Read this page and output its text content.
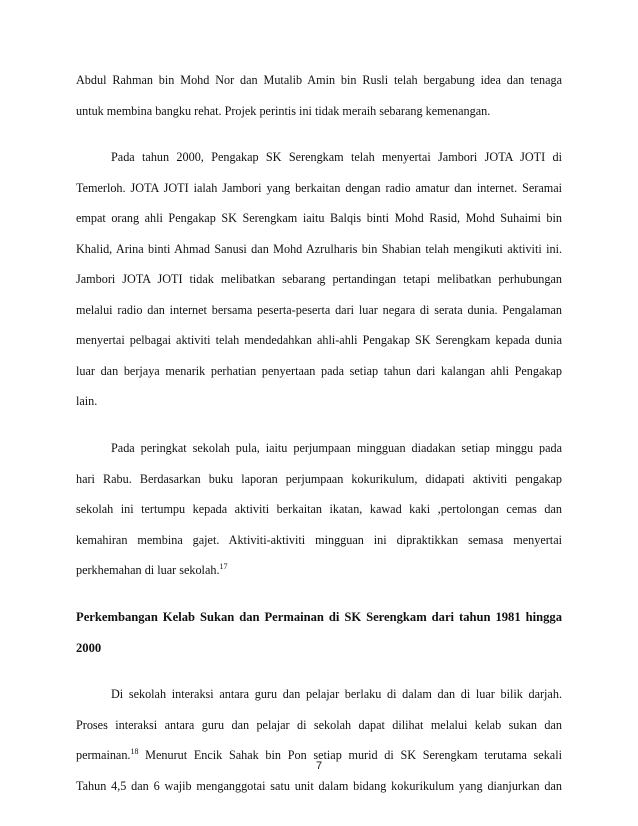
Abdul Rahman bin Mohd Nor dan Mutalib Amin bin Rusli telah bergabung idea dan tenaga
untuk membina bangku rehat. Projek perintis ini tidak meraih sebarang kemenangan.
Pada tahun 2000, Pengakap SK Serengkam telah menyertai Jambori JOTA JOTI di
Temerloh. JOTA JOTI ialah Jambori yang berkaitan dengan radio amatur dan internet. Seramai
empat orang ahli Pengakap SK Serengkam iaitu Balqis binti Mohd Rasid, Mohd Suhaimi bin
Khalid, Arina binti Ahmad Sanusi dan Mohd Azrulharis bin Shabian telah mengikuti aktiviti ini.
Jambori JOTA JOTI tidak melibatkan sebarang pertandingan tetapi melibatkan perhubungan
melalui radio dan internet bersama peserta-peserta dari luar negara di serata dunia. Pengalaman
menyertai pelbagai aktiviti telah mendedahkan ahli-ahli Pengakap SK Serengkam kepada dunia
luar dan berjaya menarik perhatian penyertaan pada setiap tahun dari kalangan ahli Pengakap
lain.
Pada peringkat sekolah pula, iaitu perjumpaan mingguan diadakan setiap minggu pada
hari Rabu. Berdasarkan buku laporan perjumpaan kokurikulum, didapati aktiviti pengakap
sekolah ini tertumpu kepada aktiviti berkaitan ikatan, kawad kaki ,pertolongan cemas dan
kemahiran membina gajet. Aktiviti-aktiviti mingguan ini dipraktikkan semasa menyertai
perkhemahan di luar sekolah.$^{17}$
Perkembangan Kelab Sukan dan Permainan di SK Serengkam dari tahun 1981 hingga
2000
Di sekolah interaksi antara guru dan pelajar berlaku di dalam dan di luar bilik darjah.
Proses interaksi antara guru dan pelajar di sekolah dapat dilihat melalui kelab sukan dan
permainan.$^{18}$ Menurut Encik Sahak bin Pon setiap murid di SK Serengkam terutama sekali
7
Tahun 4,5 dan 6 wajib menganggotai satu unit dalam bidang kokurikulum yang dianjurkan dan
